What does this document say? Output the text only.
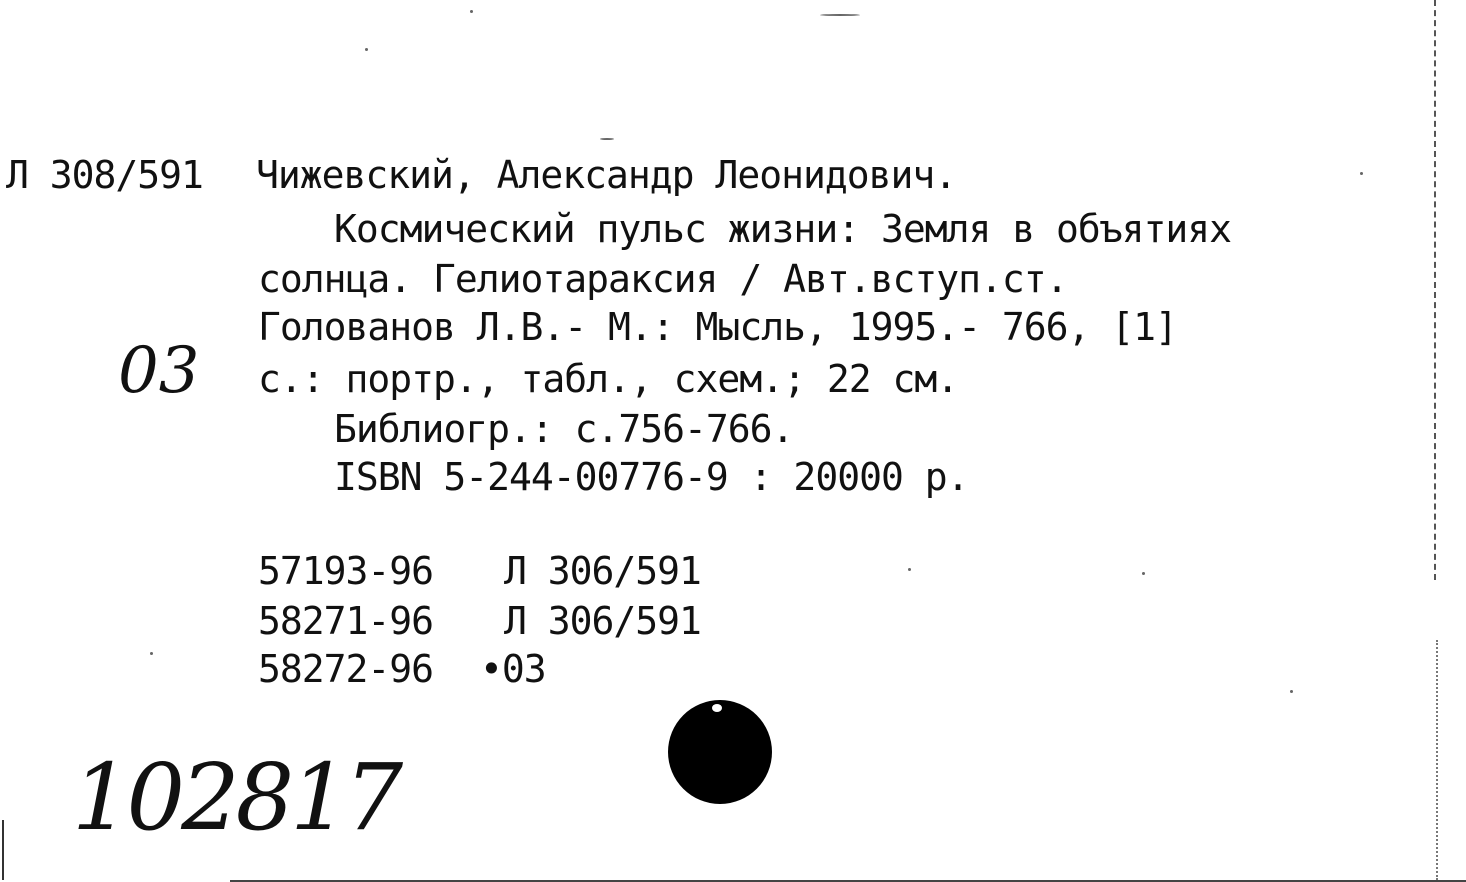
Л 308/591 Чижевский, Александр Леонидович.
Космический пульс жизни: Земля в объятиях
солнца. Гелиотараксия / Авт.вступ.ст.
Голованов Л.В.- М.: Мысль, 1995.- 766, [1]
с.: портр., табл., схем.; 22 см.
Библиогр.: с.756-766.
ISBN 5-244-00776-9 : 20000 р.
57193-96 Л 306/591
58271-96 Л 306/591
58272-96 •03
03
102817
